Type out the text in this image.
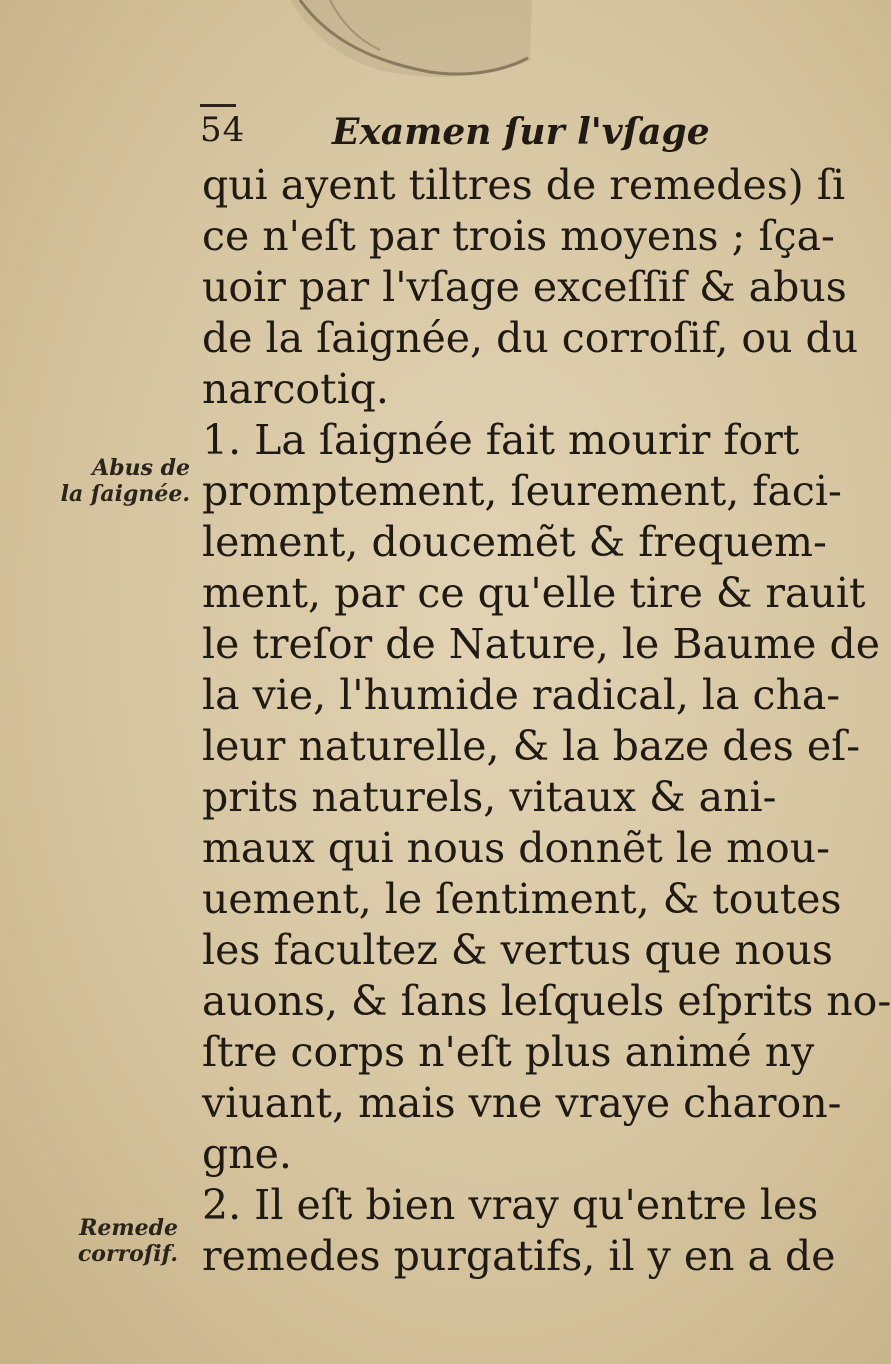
54 Examen ſur l'vſage
qui ayent tiltres de remedes) ſi
ce n'eſt par trois moyens ; ſça-
uoir par l'vſage exceſſif & abus
de la ſaignée, du corroſif, ou du
narcotiq.
1. La ſaignée fait mourir fort
promptement, ſeurement, faci-
lement, doucemẽt & frequem-
ment, par ce qu'elle tire & rauit
le treſor de Nature, le Baume de
la vie, l'humide radical, la cha-
leur naturelle, & la baze des eſ-
prits naturels, vitaux & ani-
maux qui nous donnẽt le mou-
uement, le ſentiment, & toutes
les facultez & vertus que nous
auons, & ſans leſquels eſprits no-
ſtre corps n'eſt plus animé ny
viuant, mais vne vraye charon-
gne.
2. Il eſt bien vray qu'entre les
remedes purgatifs, il y en a de
Abus de
la ſaignée.
Remede
corroſif.
